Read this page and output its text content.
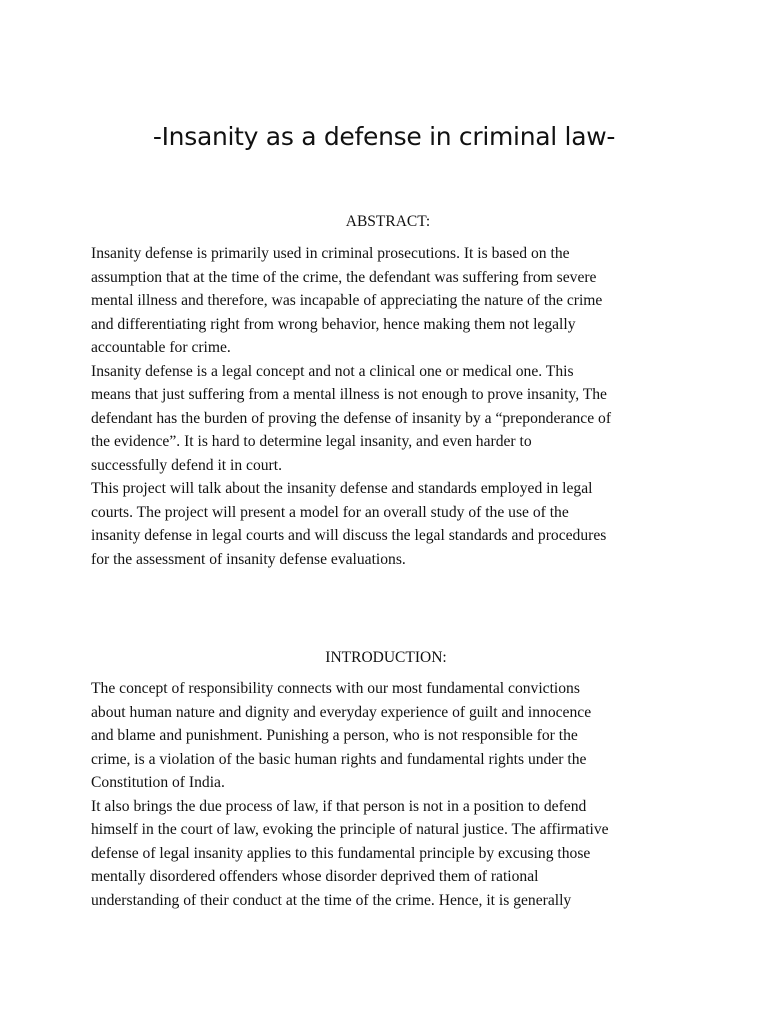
-Insanity as a defense in criminal law-
ABSTRACT:
Insanity defense is primarily used in criminal prosecutions. It is based on the
assumption that at the time of the crime, the defendant was suffering from severe
mental illness and therefore, was incapable of appreciating the nature of the crime
and differentiating right from wrong behavior, hence making them not legally
accountable for crime.
Insanity defense is a legal concept and not a clinical one or medical one. This
means that just suffering from a mental illness is not enough to prove insanity, The
defendant has the burden of proving the defense of insanity by a “preponderance of
the evidence”. It is hard to determine legal insanity, and even harder to
successfully defend it in court.
This project will talk about the insanity defense and standards employed in legal
courts. The project will present a model for an overall study of the use of the
insanity defense in legal courts and will discuss the legal standards and procedures
for the assessment of insanity defense evaluations.
INTRODUCTION:
The concept of responsibility connects with our most fundamental convictions
about human nature and dignity and everyday experience of guilt and innocence
and blame and punishment. Punishing a person, who is not responsible for the
crime, is a violation of the basic human rights and fundamental rights under the
Constitution of India.
It also brings the due process of law, if that person is not in a position to defend
himself in the court of law, evoking the principle of natural justice. The affirmative
defense of legal insanity applies to this fundamental principle by excusing those
mentally disordered offenders whose disorder deprived them of rational
understanding of their conduct at the time of the crime. Hence, it is generally
